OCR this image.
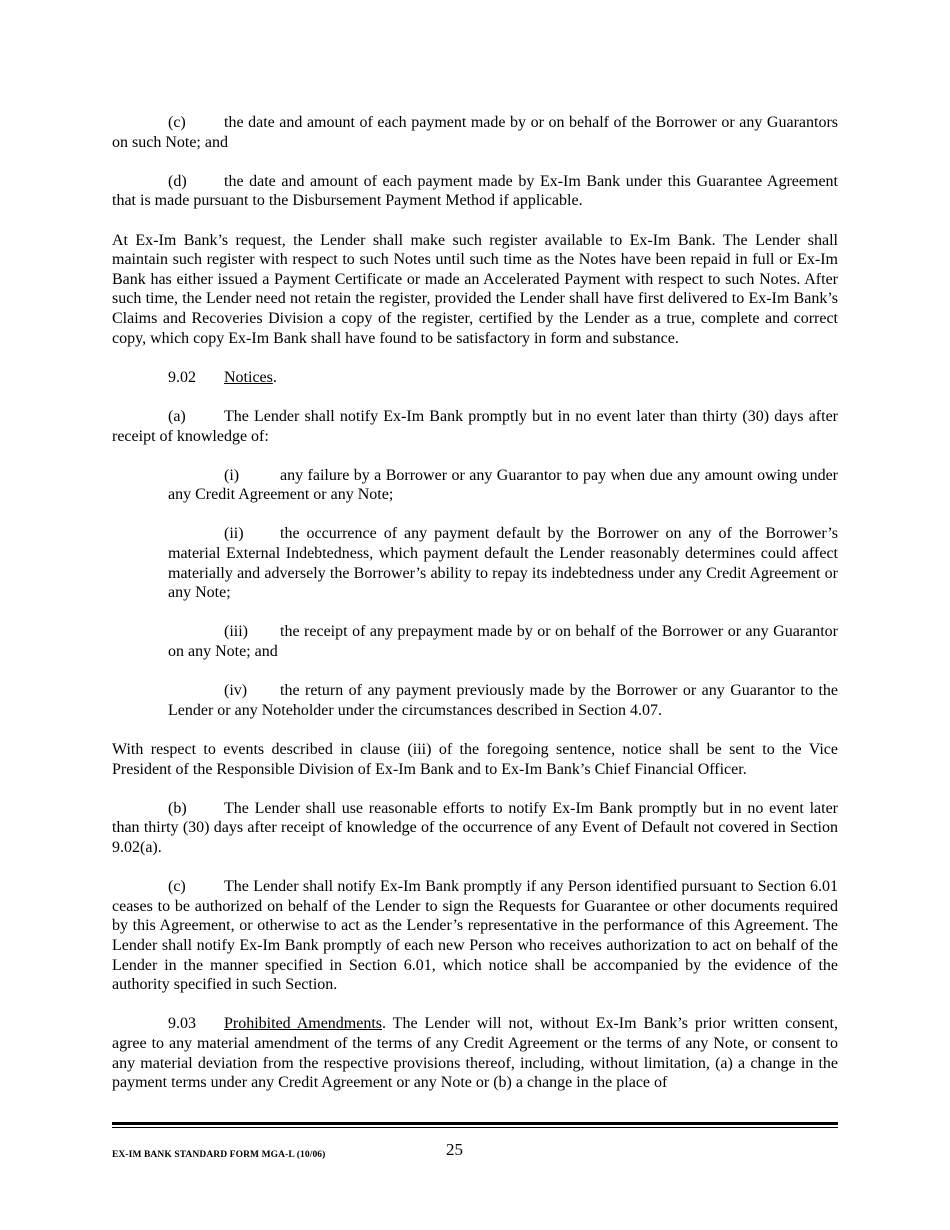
(c) the date and amount of each payment made by or on behalf of the Borrower or any Guarantors on such Note; and

(d) the date and amount of each payment made by Ex-Im Bank under this Guarantee Agreement that is made pursuant to the Disbursement Payment Method if applicable.

At Ex-Im Bank’s request, the Lender shall make such register available to Ex-Im Bank. The Lender shall maintain such register with respect to such Notes until such time as the Notes have been repaid in full or Ex-Im Bank has either issued a Payment Certificate or made an Accelerated Payment with respect to such Notes. After such time, the Lender need not retain the register, provided the Lender shall have first delivered to Ex-Im Bank’s Claims and Recoveries Division a copy of the register, certified by the Lender as a true, complete and correct copy, which copy Ex-Im Bank shall have found to be satisfactory in form and substance.

9.02 Notices.

(a) The Lender shall notify Ex-Im Bank promptly but in no event later than thirty (30) days after receipt of knowledge of:

(i)	any failure by a Borrower or any Guarantor to pay when due any amount owing under any Credit Agreement or any Note;

(ii) the occurrence of any payment default by the Borrower on any of the Borrower’s material External Indebtedness, which payment default the Lender reasonably determines could affect materially and adversely the Borrower’s ability to repay its indebtedness under any Credit Agreement or any Note;

(iii) the receipt of any prepayment made by or on behalf of the Borrower or any Guarantor on any Note; and

(iv) the return of any payment previously made by the Borrower or any Guarantor to the Lender or any Noteholder under the circumstances described in Section 4.07.

With respect to events described in clause (iii) of the foregoing sentence, notice shall be sent to the Vice President of the Responsible Division of Ex-Im Bank and to Ex-Im Bank’s Chief Financial Officer.

(b) The Lender shall use reasonable efforts to notify Ex-Im Bank promptly but in no event later than thirty (30) days after receipt of knowledge of the occurrence of any Event of Default not covered in Section 9.02(a).

(c) The Lender shall notify Ex-Im Bank promptly if any Person identified pursuant to Section 6.01 ceases to be authorized on behalf of the Lender to sign the Requests for Guarantee or other documents required by this Agreement, or otherwise to act as the Lender’s representative in the performance of this Agreement. The Lender shall notify Ex-Im Bank promptly of each new Person who receives authorization to act on behalf of the Lender in the manner specified in Section 6.01, which notice shall be accompanied by the evidence of the authority specified in such Section.

9.03 Prohibited Amendments. The Lender will not, without Ex-Im Bank’s prior written consent, agree to any material amendment of the terms of any Credit Agreement or the terms of any Note, or consent to any material deviation from the respective provisions thereof, including, without limitation, (a) a change in the payment terms under any Credit Agreement or any Note or (b) a change in the place of

EX-IM BANK STANDARD FORM MGA-L (10/06)	25
